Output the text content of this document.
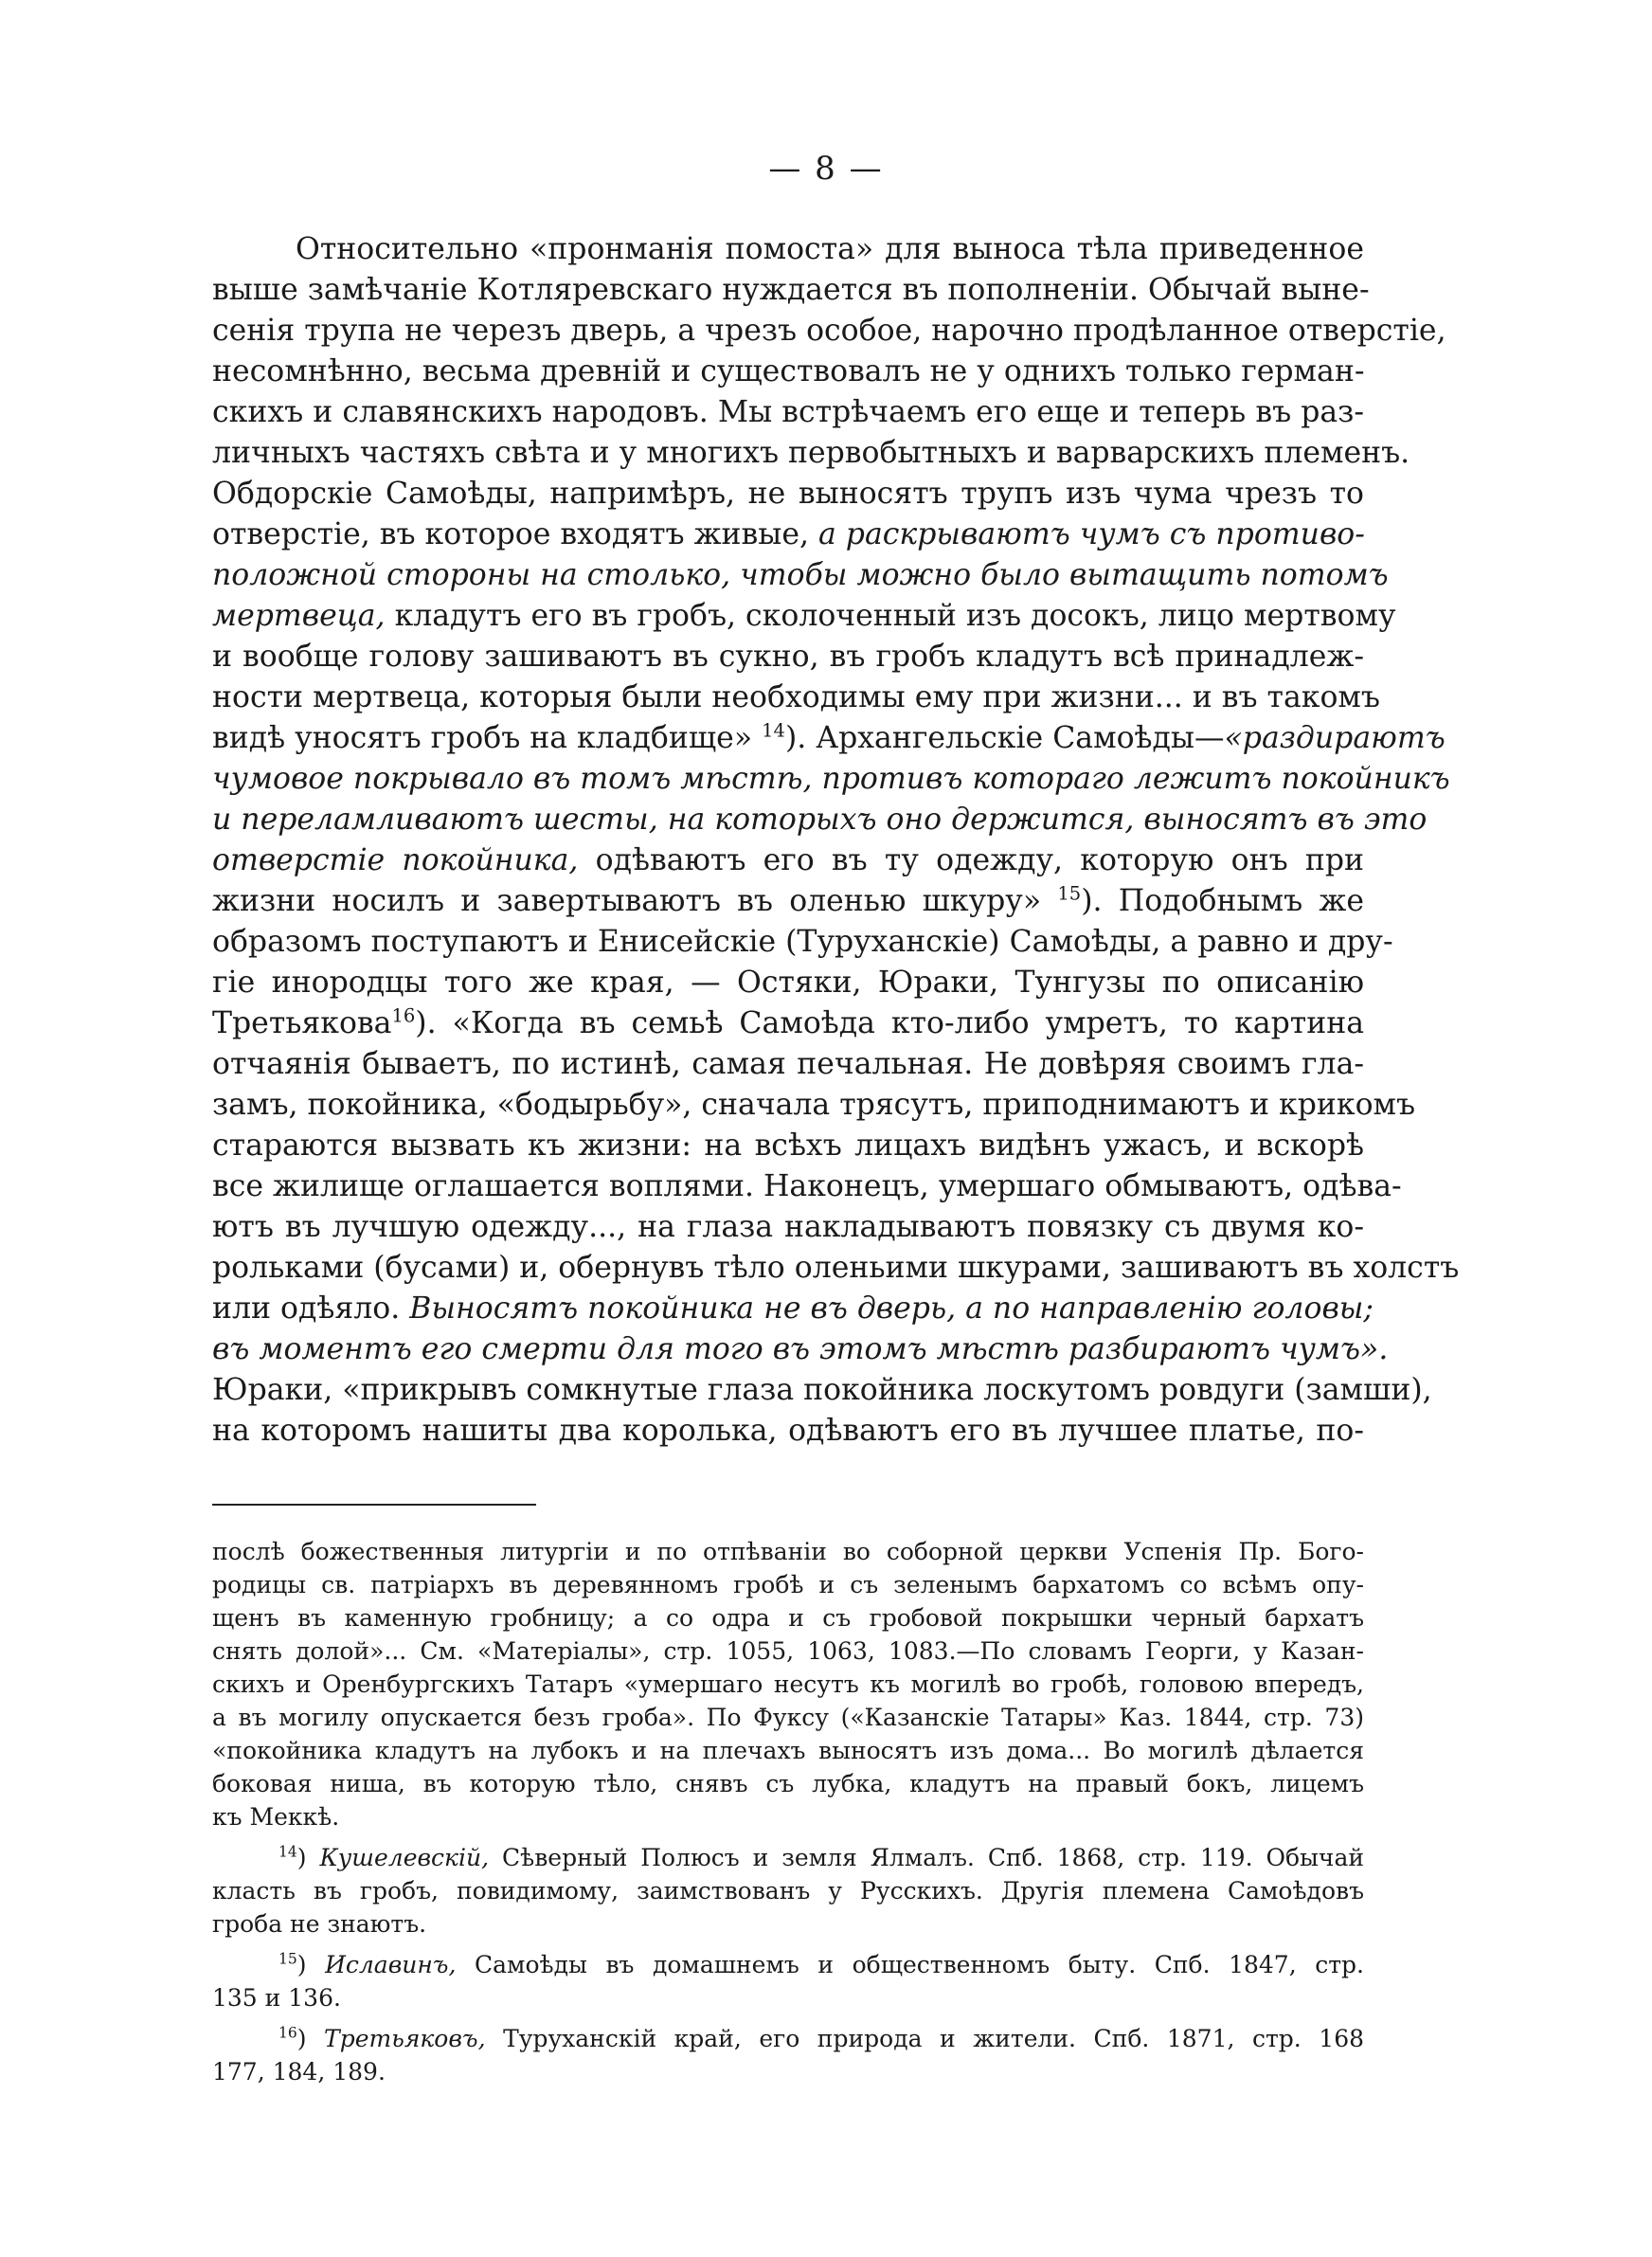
— 8 —
Относительно «пронманія помоста» для выноса тѣла приведенное
выше замѣчаніе Котляревскаго нуждается въ пополненіи. Обычай выне-
сенія трупа не черезъ дверь, а чрезъ особое, нарочно продѣланное отверстіе,
несомнѣнно, весьма древній и существовалъ не у однихъ только герман-
скихъ и славянскихъ народовъ. Мы встрѣчаемъ его еще и теперь въ раз-
личныхъ частяхъ свѣта и у многихъ первобытныхъ и варварскихъ племенъ.
Обдорскіе Самоѣды, напримѣръ, не выносятъ трупъ изъ чума чрезъ то
отверстіе, въ которое входятъ живые, а раскрываютъ чумъ съ противо-
положной стороны на столько, чтобы можно было вытащить потомъ
мертвеца, кладутъ его въ гробъ, сколоченный изъ досокъ, лицо мертвому
и вообще голову зашиваютъ въ сукно, въ гробъ кладутъ всѣ принадлеж-
ности мертвеца, которыя были необходимы ему при жизни... и въ такомъ
видѣ уносятъ гробъ на кладбище» $^{14}$). Архангельскіе Самоѣды—«раздираютъ
чумовое покрывало въ томъ мѣстѣ, противъ котораго лежитъ покойникъ
и переламливаютъ шесты, на которыхъ оно держится, выносятъ въ это
отверстіе покойника, одѣваютъ его въ ту одежду, которую онъ при
жизни носилъ и завертываютъ въ оленью шкуру» $^{15}$). Подобнымъ же
образомъ поступаютъ и Енисейскіе (Туруханскіе) Самоѣды, а равно и дру-
гіе инородцы того же края, — Остяки, Юраки, Тунгузы по описанію
Третьякова$^{16}$). «Когда въ семьѣ Самоѣда кто-либо умретъ, то картина
отчаянія бываетъ, по истинѣ, самая печальная. Не довѣряя своимъ гла-
замъ, покойника, «бодырьбу», сначала трясутъ, приподнимаютъ и крикомъ
стараются вызвать къ жизни: на всѣхъ лицахъ видѣнъ ужасъ, и вскорѣ
все жилище оглашается воплями. Наконецъ, умершаго обмываютъ, одѣва-
ютъ въ лучшую одежду..., на глаза накладываютъ повязку съ двумя ко-
рольками (бусами) и, обернувъ тѣло оленьими шкурами, зашиваютъ въ холстъ
или одѣяло. Выносятъ покойника не въ дверь, а по направленію головы;
въ моментъ его смерти для того въ этомъ мѣстѣ разбираютъ чумъ».
Юраки, «прикрывъ сомкнутые глаза покойника лоскутомъ ровдуги (замши),
на которомъ нашиты два королька, одѣваютъ его въ лучшее платье, по-
послѣ божественныя литургіи и по отпѣваніи во соборной церкви Успенія Пр. Бого-
родицы св. патріархъ въ деревянномъ гробѣ и съ зеленымъ бархатомъ со всѣмъ опу-
щенъ въ каменную гробницу; а со одра и съ гробовой покрышки черный бархатъ
снять долой»... См. «Матеріалы», стр. 1055, 1063, 1083.—По словамъ Георги, у Казан-
скихъ и Оренбургскихъ Татаръ «умершаго несутъ къ могилѣ во гробѣ, головою впередъ,
а въ могилу опускается безъ гроба». По Фуксу («Казанскіе Татары» Каз. 1844, стр. 73)
«покойника кладутъ на лубокъ и на плечахъ выносятъ изъ дома... Во могилѣ дѣлается
боковая ниша, въ которую тѣло, снявъ съ лубка, кладутъ на правый бокъ, лицемъ
къ Меккѣ.
$^{14}$) Кушелевскій, Сѣверный Полюсъ и земля Ялмалъ. Спб. 1868, стр. 119. Обычай
класть въ гробъ, повидимому, заимствованъ у Русскихъ. Другія племена Самоѣдовъ
гроба не знаютъ.
$^{15}$) Иславинъ, Самоѣды въ домашнемъ и общественномъ быту. Спб. 1847, стр.
135 и 136.
$^{16}$) Третьяковъ, Туруханскій край, его природа и жители. Спб. 1871, стр. 168
177, 184, 189.
